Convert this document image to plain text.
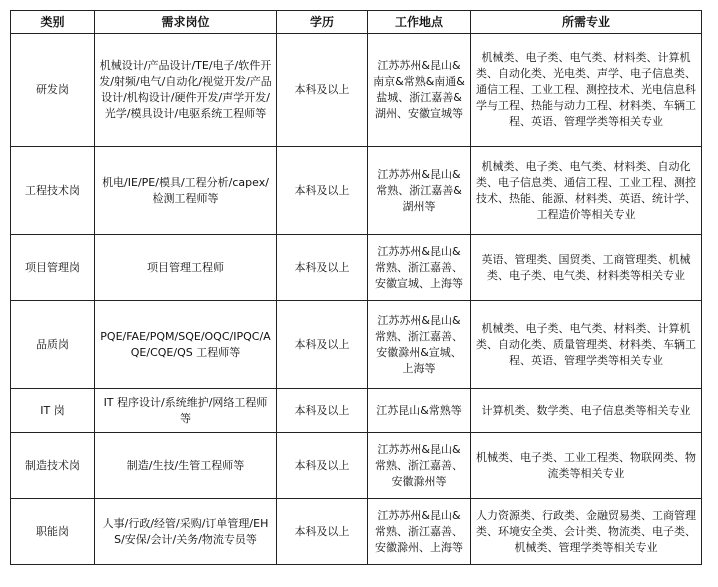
类别	需求岗位	学历	工作地点	所需专业
研发岗	机械设计/产品设计/TE/电子/软件开发/射频/电气/自动化/视觉开发/产品设计/机构设计/硬件开发/声学开发/光学/模具设计/电驱系统工程师等	本科及以上	江苏苏州&昆山&南京&常熟&南通&盐城、浙江嘉善&湖州、安徽宣城等	机械类、电子类、电气类、材料类、计算机类、自动化类、光电类、声学、电子信息类、通信工程、工业工程、测控技术、光电信息科学与工程、热能与动力工程、材料类、车辆工程、英语、管理学类等相关专业
工程技术岗	机电/IE/PE/模具/工程分析/capex/检测工程师等	本科及以上	江苏苏州&昆山&常熟、浙江嘉善&湖州等	机械类、电子类、电气类、材料类、自动化类、电子信息类、通信工程、工业工程、测控技术、热能、能源、材料类、英语、统计学、工程造价等相关专业
项目管理岗	项目管理工程师	本科及以上	江苏苏州&昆山&常熟、浙江嘉善、安徽宣城、上海等	英语、管理类、国贸类、工商管理类、机械类、电子类、电气类、材料类等相关专业
品质岗	PQE/FAE/PQM/SQE/OQC/IPQC/AQE/CQE/QS 工程师等	本科及以上	江苏苏州&昆山&常熟、浙江嘉善、安徽滁州&宣城、上海等	机械类、电子类、电气类、材料类、计算机类、自动化类、质量管理类、材料类、车辆工程、英语、管理学类等相关专业
IT 岗	IT 程序设计/系统维护/网络工程师等	本科及以上	江苏昆山&常熟等	计算机类、数学类、电子信息类等相关专业
制造技术岗	制造/生技/生管工程师等	本科及以上	江苏苏州&昆山&常熟、浙江嘉善、安徽滁州等	机械类、电子类、工业工程类、物联网类、物流类等相关专业
职能岗	人事/行政/经管/采购/订单管理/EHS/安保/会计/关务/物流专员等	本科及以上	江苏苏州&昆山&常熟、浙江嘉善、安徽滁州、上海等	人力资源类、行政类、金融贸易类、工商管理类、环境安全类、会计类、物流类、电子类、机械类、管理学类等相关专业
